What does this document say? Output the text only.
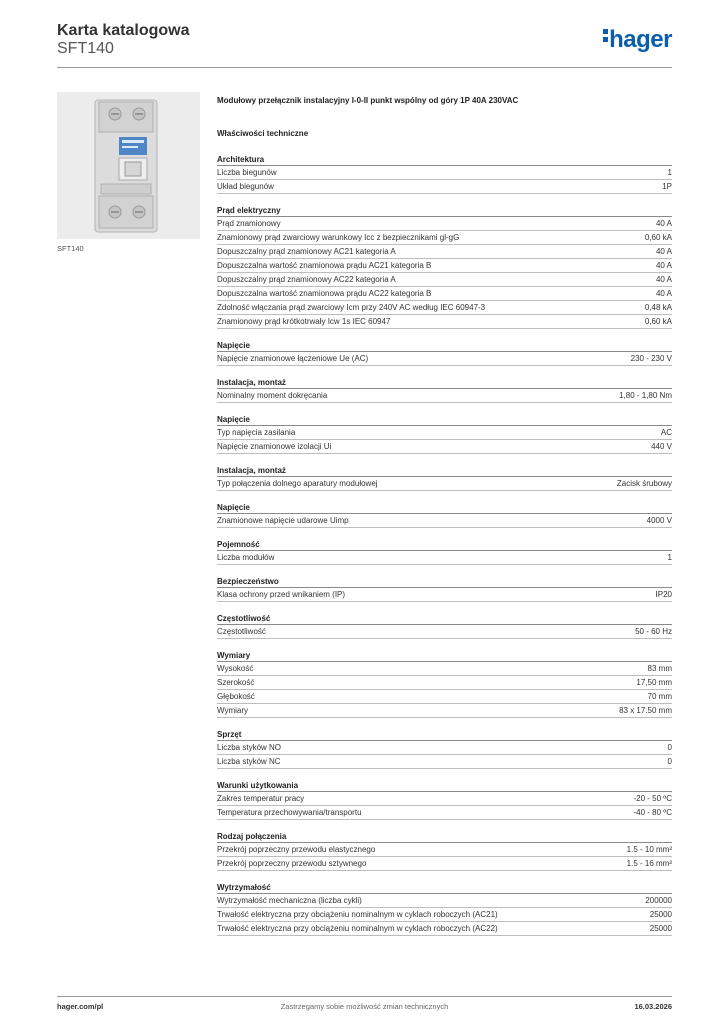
Karta katalogowa
SFT140	hager
SFT140
Modułowy przełącznik instalacyjny I-0-II punkt wspólny od góry 1P 40A 230VAC
Właściwości techniczne
Architektura
Liczba biegunów	1
Układ biegunów	1P
Prąd elektryczny
Prąd znamionowy	40 A
Znamionowy prąd zwarciowy warunkowy Icc z bezpiecznikami gl-gG	0,60 kA
Dopuszczalny prąd znamionowy AC21 kategoria A	40 A
Dopuszczalna wartość znamionowa prądu AC21 kategoria B	40 A
Dopuszczalny prąd znamionowy AC22 kategoria A	40 A
Dopuszczalna wartość znamionowa prądu AC22 kategoria B	40 A
Zdolność włączania prąd zwarciowy Icm przy 240V AC według IEC 60947-3	0,48 kA
Znamionowy prąd krótkotrwały Icw 1s IEC 60947	0,60 kA
Napięcie
Napięcie znamionowe łączeniowe Ue (AC)	230 - 230 V
Instalacja, montaż
Nominalny moment dokręcania	1,80 - 1,80 Nm
Napięcie
Typ napięcia zasilania	AC
Napięcie znamionowe izolacji Ui	440 V
Instalacja, montaż
Typ połączenia dolnego aparatury modułowej	Zacisk śrubowy
Napięcie
Znamionowe napięcie udarowe Uimp	4000 V
Pojemność
Liczba modułów	1
Bezpieczeństwo
Klasa ochrony przed wnikaniem (IP)	IP20
Częstotliwość
Częstotliwość	50 - 60 Hz
Wymiary
Wysokość	83 mm
Szerokość	17,50 mm
Głębokość	70 mm
Wymiary	83 x 17.50 mm
Sprzęt
Liczba styków NO	0
Liczba styków NC	0
Warunki użytkowania
Zakres temperatur pracy	-20 - 50 ºC
Temperatura przechowywania/transportu	-40 - 80 ºC
Rodzaj połączenia
Przekrój poprzeczny przewodu elastycznego	1.5 - 10 mm²
Przekrój poprzeczny przewodu sztywnego	1.5 - 16 mm²
Wytrzymałość
Wytrzymałość mechaniczna (liczba cykli)	200000
Trwałość elektryczna przy obciążeniu nominalnym w cyklach roboczych (AC21)	25000
Trwałość elektryczna przy obciążeniu nominalnym w cyklach roboczych (AC22)	25000
hager.com/pl	Zastrzegamy sobie możliwość zmian technicznych	16.03.2026
